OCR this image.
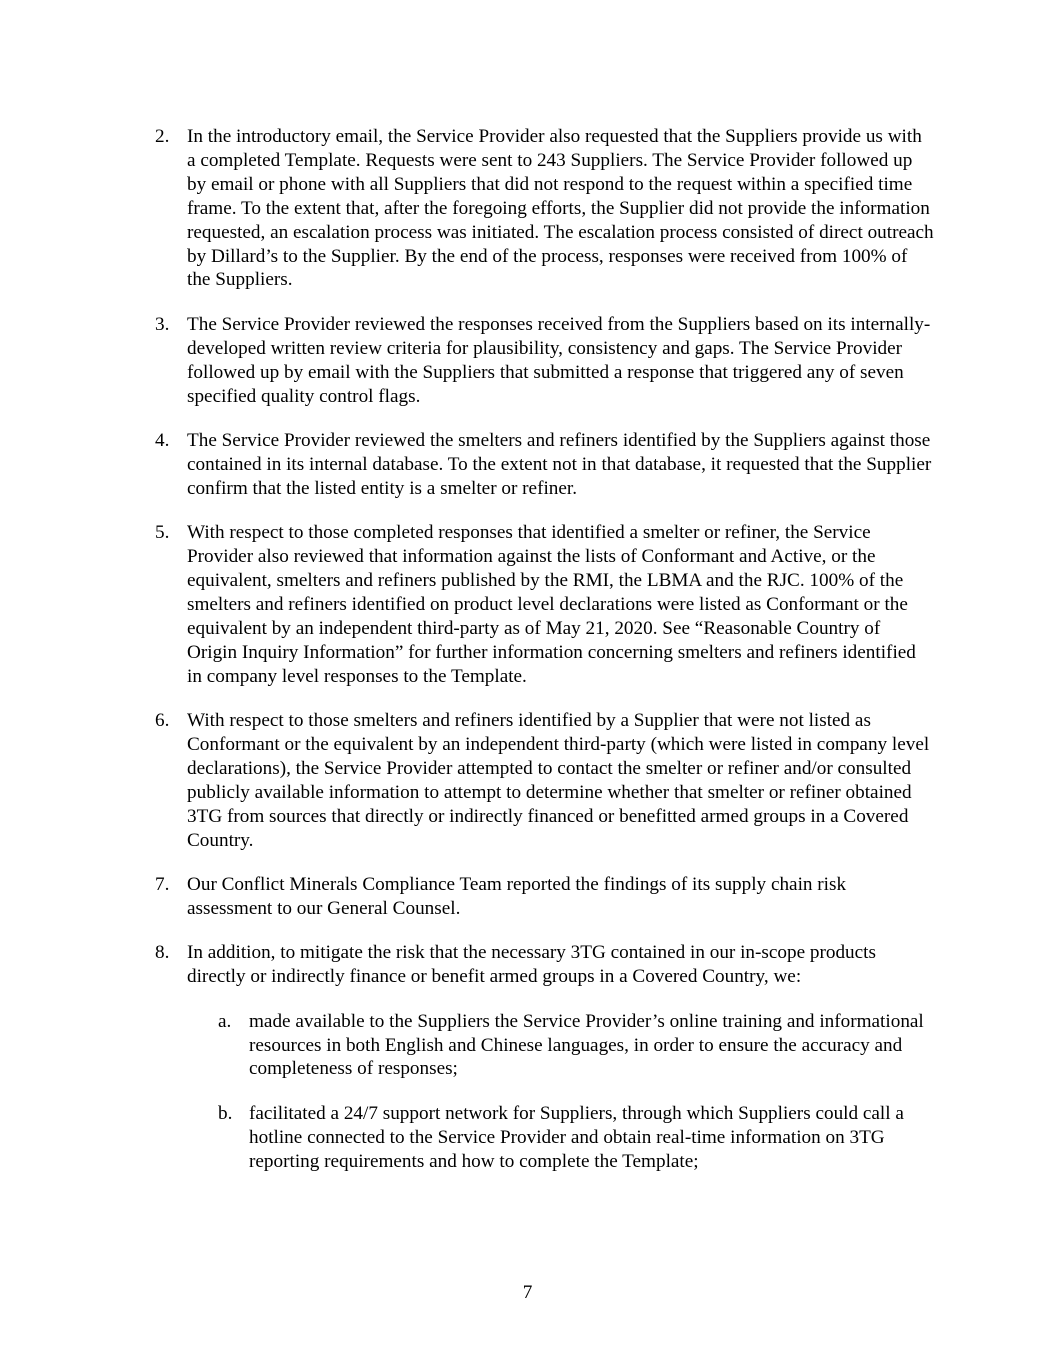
2. In the introductory email, the Service Provider also requested that the Suppliers provide us with a completed Template. Requests were sent to 243 Suppliers. The Service Provider followed up by email or phone with all Suppliers that did not respond to the request within a specified time frame. To the extent that, after the foregoing efforts, the Supplier did not provide the information requested, an escalation process was initiated. The escalation process consisted of direct outreach by Dillard’s to the Supplier. By the end of the process, responses were received from 100% of the Suppliers.
3. The Service Provider reviewed the responses received from the Suppliers based on its internally-developed written review criteria for plausibility, consistency and gaps. The Service Provider followed up by email with the Suppliers that submitted a response that triggered any of seven specified quality control flags.
4. The Service Provider reviewed the smelters and refiners identified by the Suppliers against those contained in its internal database. To the extent not in that database, it requested that the Supplier confirm that the listed entity is a smelter or refiner.
5. With respect to those completed responses that identified a smelter or refiner, the Service Provider also reviewed that information against the lists of Conformant and Active, or the equivalent, smelters and refiners published by the RMI, the LBMA and the RJC. 100% of the smelters and refiners identified on product level declarations were listed as Conformant or the equivalent by an independent third-party as of May 21, 2020. See “Reasonable Country of Origin Inquiry Information” for further information concerning smelters and refiners identified in company level responses to the Template.
6. With respect to those smelters and refiners identified by a Supplier that were not listed as Conformant or the equivalent by an independent third-party (which were listed in company level declarations), the Service Provider attempted to contact the smelter or refiner and/or consulted publicly available information to attempt to determine whether that smelter or refiner obtained 3TG from sources that directly or indirectly financed or benefitted armed groups in a Covered Country.
7. Our Conflict Minerals Compliance Team reported the findings of its supply chain risk assessment to our General Counsel.
8. In addition, to mitigate the risk that the necessary 3TG contained in our in-scope products directly or indirectly finance or benefit armed groups in a Covered Country, we:
a. made available to the Suppliers the Service Provider’s online training and informational resources in both English and Chinese languages, in order to ensure the accuracy and completeness of responses;
b. facilitated a 24/7 support network for Suppliers, through which Suppliers could call a hotline connected to the Service Provider and obtain real-time information on 3TG reporting requirements and how to complete the Template;
7
